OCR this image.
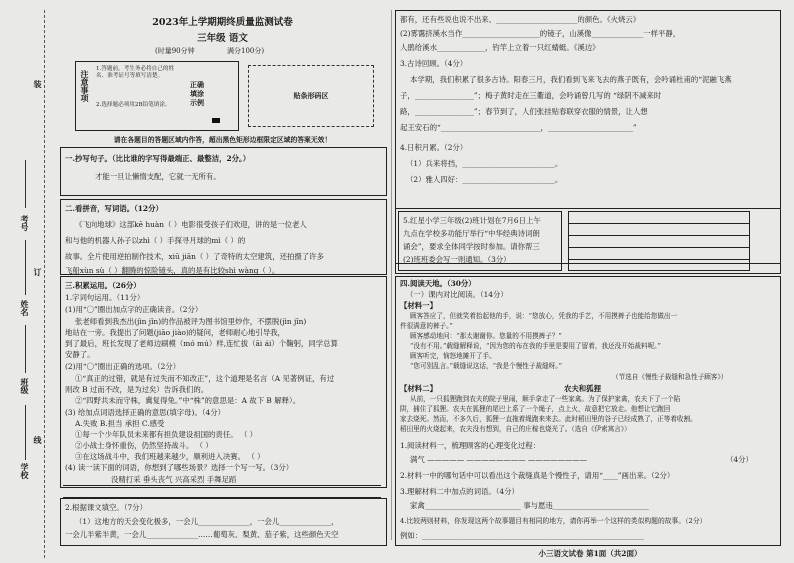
装
考号
订
姓名
班级
学校
线
2023年上学期期终质量监测试卷
三年级 语文
(时量90分钟	满分100分)
注意事项
1.答题前，考生务必将自己的姓名、准考证号等填写清楚。
2.选择题必须用2B铅笔填涂。
正确填涂示例
贴条形码区
请在各题目的答题区域内作答，超出黑色矩形边框限定区域的答案无效！
一.抄写句子。（比比谁的字写得最端正、最整洁，2分。）
才能一旦让懒惰支配，它就一无所有。
二.看拼音，写词语。（12分）
《飞向地球》这部kē huàn（ ）电影很受孩子们欢迎，讲的是一位老人
和与他的机器人孙子以zhì（ ）手探寻月球的mì（ ）的
故事。全片使用逆拍制作技术，xiū jiān（ ）了奇特的太空建筑，还拍摄了许多
飞船xùn sù（ ）翻腾的惊险镜头，真的是有比较shì wàng（ ）。
三.积累运用。（26分）
1.字词句运用。（11分）
(1)用“〇”圈出加点字的正确读音。（2分）
张老师看到我杰出(jìn jǐn)的作品被评为图书馆里炒作，不摆脱(jìn jǐn)
地站在一旁。我提出了问题(jiāo jiào)的疑问，老师耐心地引导我，
到了最后，班长发现了老师边刷模（mó mú）样,连忙拔（āi ái）个鞠躬，同学总算
安静了。
(2)用“〇”圈出正确的选项。（2分）
①“真正的过错，就是有过失而不知改正”，这个道理是名言（A 见著例证，有过
则改 B 过而不改，是为过矣）告诉我们的。
②“四野共未而守株，冀复得兔。”中“株”的意思是：A 故下 B 解释）。
(3) 给加点词语选择正确的意思(填字母)。（4分）
A.失败 B.担当 承担 C.感受
①每一个少年队员未来都有担负建设祖国的责任。 （ ）
②小战士身怀重伤，仍然坚持战斗。 （ ）
③在这场战斗中，我们班越来越少，顺利进入决赛。 （ ）
(4) 读一读下面的词语，你想到了哪些场景？选择一个写一写。（3分）
没精打采 垂头丧气 兴高采烈 手舞足蹈
2.根据课文填空。（7分）
（1）这地方的天会变化极多，一会儿______________，一会儿______________，
一会儿半紫半黄，一会儿______________……葡萄灰、梨黄、茄子紫，这些颜色天空
都有，还有些说也说不出来、______________________的颜色。《火烧云》
(2)雾霭挤溪水当作_____________________的镜子，山溪像______________一样平静，
人鹃给溪水_____________，钓竿上立着一只红蜻蜓。《溪边》
3.古诗回顾。（4分）
本学期，我们积累了很多古诗。阳春三月，我们看到飞来飞去的燕子既有，会吟诵杜甫的“泥融飞燕
子，________________”；梅子黄时走在三衢道，会吟诵曾几写的 “绿阴不减来时
路，________________”；春节到了，人们张挂贴春联穿衣服的情景，让人想
起王安石的“___________________________，_______________________”
4.日积月累。（2分）
（1）兵来将挡，_________________________。
（2）雅人四好：_________________________。
5.红星小学三年级(2)班计划在7月6日上午
九点在学校多功能厅举行“中华经典诗词朗
诵会”，要求全体同学按时参加。请你帮三
(2)班班委会写一则通知。（3分）
四.阅读天地。（30分）
（一）课内对比阅读。（14分）
【材料一】
顾客答应了，但就笑着抬起他的手，说：“您放心，凭我的手艺，不用摸裤子也能给您做出一
件很满意的裤子。”
顾客感动地问：“那太谢谢你。您量的不用摸裤子？”
“没有不用。”载缝解释说，“因为您的布在我的手里是要用了留着，我还没开始裁料呢。”
顾客听完，恼怒地摊开了手。
“您可别乱言。”载缝说这话，“我是个慢性子裁缝呀。”
（节选自《慢性子裁缝和急性子顾客》）
【材料二】	农夫和狐狸
从前，一只狐狸跑到农夫的院子里闹，顺手拿走了一些家禽。为了保护家禽，农夫下了一个陷
阱，捕住了狐狸。农夫在狐狸的尾巴上系了一个绳子，点上火，故意把它放走。他想让它跑回
家去烧死。然而，不多久后，狐狸一直拖着绳跑来来去。此时稻田里的谷子已经成熟了，正等着收割。
稻田里的火烧起来，农夫没有想到，自己的庄稼也烧光了。（选自《伊索寓言》）
1.阅读材料一，梳理顾客的心理变化过程：
满气 ————— ———————— ————————	（4分）
2.材料一中的哪句话中可以看出这个裁缝真是个慢性子，请用“____”画出来。（2分）
3.理解材料二中加点的词语。（4分）
家禽__________________________ 事与愿违__________________________
4.比较两则材料，你发现这两个故事题目有相同的地方，请你再举一个这样的类似构题的故事。（2分）
例如：____________________________________________________________
小三语文试卷 第1面（共2面）
